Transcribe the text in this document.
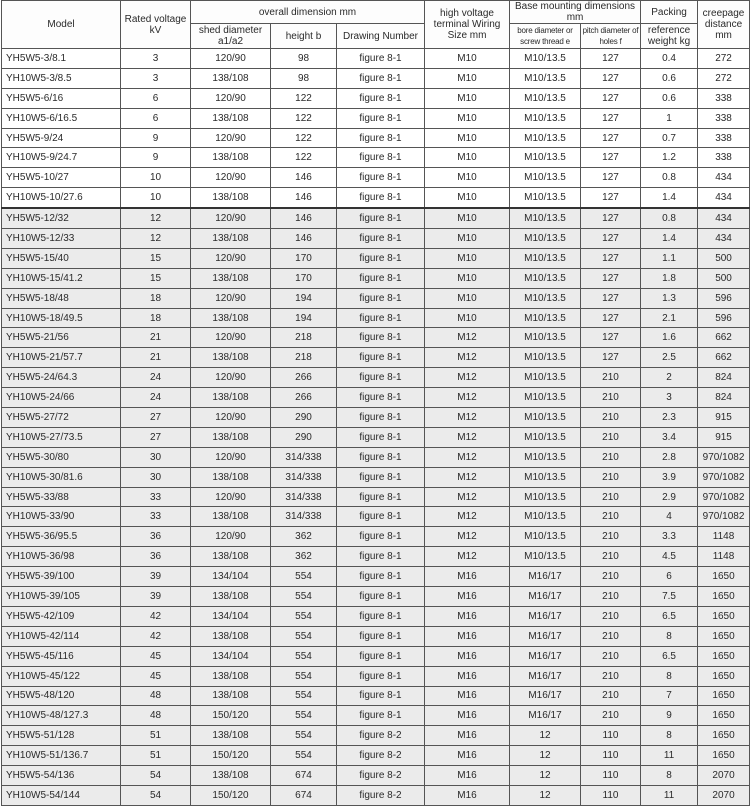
Model	Rated voltage kV	overall dimension mm			high voltage terminal Wiring Size mm	Base mounting dimensions mm		Packing	creepage distance mm
		shed diameter a1/a2	height b	Drawing Number		bore diameter or screw thread e	pitch diameter of holes f	reference weight kg	
YH5W5-3/8.1	3	120/90	98	figure 8-1	M10	M10/13.5	127	0.4	272
YH10W5-3/8.5	3	138/108	98	figure 8-1	M10	M10/13.5	127	0.6	272
YH5W5-6/16	6	120/90	122	figure 8-1	M10	M10/13.5	127	0.6	338
YH10W5-6/16.5	6	138/108	122	figure 8-1	M10	M10/13.5	127	1	338
YH5W5-9/24	9	120/90	122	figure 8-1	M10	M10/13.5	127	0.7	338
YH10W5-9/24.7	9	138/108	122	figure 8-1	M10	M10/13.5	127	1.2	338
YH5W5-10/27	10	120/90	146	figure 8-1	M10	M10/13.5	127	0.8	434
YH10W5-10/27.6	10	138/108	146	figure 8-1	M10	M10/13.5	127	1.4	434
YH5W5-12/32	12	120/90	146	figure 8-1	M10	M10/13.5	127	0.8	434
YH10W5-12/33	12	138/108	146	figure 8-1	M10	M10/13.5	127	1.4	434
YH5W5-15/40	15	120/90	170	figure 8-1	M10	M10/13.5	127	1.1	500
YH10W5-15/41.2	15	138/108	170	figure 8-1	M10	M10/13.5	127	1.8	500
YH5W5-18/48	18	120/90	194	figure 8-1	M10	M10/13.5	127	1.3	596
YH10W5-18/49.5	18	138/108	194	figure 8-1	M10	M10/13.5	127	2.1	596
YH5W5-21/56	21	120/90	218	figure 8-1	M12	M10/13.5	127	1.6	662
YH10W5-21/57.7	21	138/108	218	figure 8-1	M12	M10/13.5	127	2.5	662
YH5W5-24/64.3	24	120/90	266	figure 8-1	M12	M10/13.5	210	2	824
YH10W5-24/66	24	138/108	266	figure 8-1	M12	M10/13.5	210	3	824
YH5W5-27/72	27	120/90	290	figure 8-1	M12	M10/13.5	210	2.3	915
YH10W5-27/73.5	27	138/108	290	figure 8-1	M12	M10/13.5	210	3.4	915
YH5W5-30/80	30	120/90	314/338	figure 8-1	M12	M10/13.5	210	2.8	970/1082
YH10W5-30/81.6	30	138/108	314/338	figure 8-1	M12	M10/13.5	210	3.9	970/1082
YH5W5-33/88	33	120/90	314/338	figure 8-1	M12	M10/13.5	210	2.9	970/1082
YH10W5-33/90	33	138/108	314/338	figure 8-1	M12	M10/13.5	210	4	970/1082
YH5W5-36/95.5	36	120/90	362	figure 8-1	M12	M10/13.5	210	3.3	1148
YH10W5-36/98	36	138/108	362	figure 8-1	M12	M10/13.5	210	4.5	1148
YH5W5-39/100	39	134/104	554	figure 8-1	M16	M16/17	210	6	1650
YH10W5-39/105	39	138/108	554	figure 8-1	M16	M16/17	210	7.5	1650
YH5W5-42/109	42	134/104	554	figure 8-1	M16	M16/17	210	6.5	1650
YH10W5-42/114	42	138/108	554	figure 8-1	M16	M16/17	210	8	1650
YH5W5-45/116	45	134/104	554	figure 8-1	M16	M16/17	210	6.5	1650
YH10W5-45/122	45	138/108	554	figure 8-1	M16	M16/17	210	8	1650
YH5W5-48/120	48	138/108	554	figure 8-1	M16	M16/17	210	7	1650
YH10W5-48/127.3	48	150/120	554	figure 8-1	M16	M16/17	210	9	1650
YH5W5-51/128	51	138/108	554	figure 8-2	M16	12	110	8	1650
YH10W5-51/136.7	51	150/120	554	figure 8-2	M16	12	110	11	1650
YH5W5-54/136	54	138/108	674	figure 8-2	M16	12	110	8	2070
YH10W5-54/144	54	150/120	674	figure 8-2	M16	12	110	11	2070
